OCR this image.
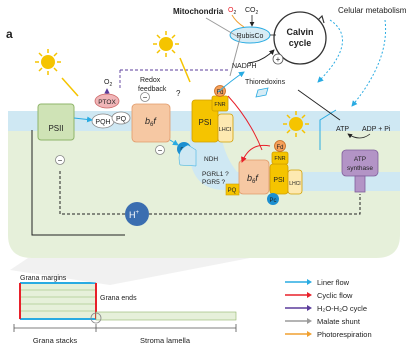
a	Calvin
cycle
RubisCo
$O_2$ $CO_2$
Mitochondria	Celular metabolism
NADPH
+
Thioredoxins
Redox
feedback ?
PSII
PTOX
$O_2$
PQH PQ $b_6f$
−
PSI
LHCI
FNR
Fd
NDH
PGRL1 ?
PGR5 ? $b_6f$
PQ
PSI LHCI
FNR
Fd
Pc
ATP
synthase
ATP ADP + Pi
H+
−
−
Grana margins
Grana ends
Grana stacks	Stroma lamella
Liner flow
Cyclic flow
H₂O-H₂O cycle
Malate shunt
Photorespiration
